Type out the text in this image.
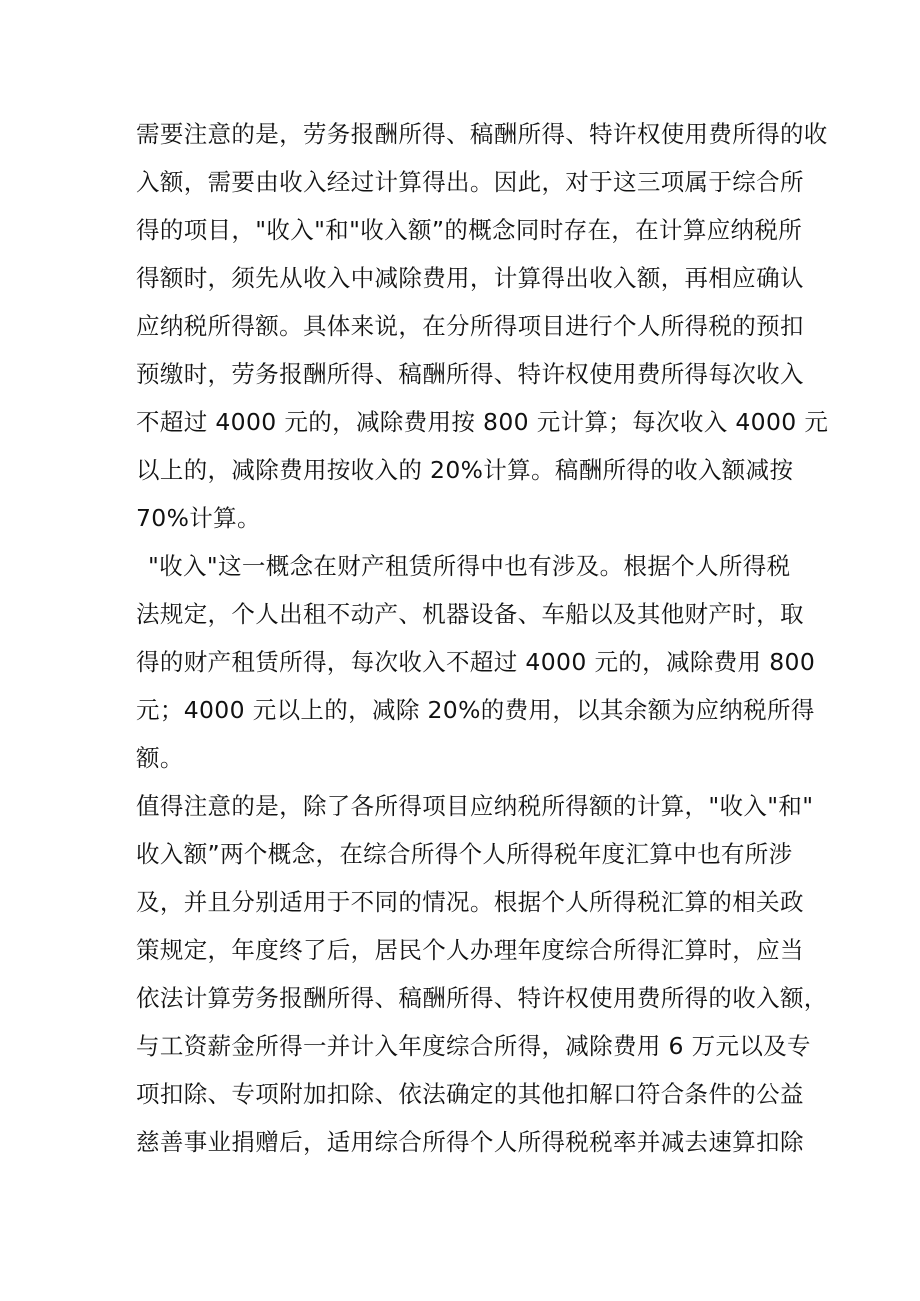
需要注意的是，劳务报酬所得、稿酬所得、特许权使用费所得的收
入额，需要由收入经过计算得出。因此，对于这三项属于综合所
得的项目，"收入"和"收入额”的概念同时存在，在计算应纳税所
得额时，须先从收入中减除费用，计算得出收入额，再相应确认
应纳税所得额。具体来说，在分所得项目进行个人所得税的预扣
预缴时，劳务报酬所得、稿酬所得、特许权使用费所得每次收入
不超过 4000 元的，减除费用按 800 元计算；每次收入 4000 元
以上的，减除费用按收入的 20%计算。稿酬所得的收入额减按
70%计算。
"收入"这一概念在财产租赁所得中也有涉及。根据个人所得税
法规定，个人出租不动产、机器设备、车船以及其他财产时，取
得的财产租赁所得，每次收入不超过 4000 元的，减除费用 800
元；4000 元以上的，减除 20%的费用，以其余额为应纳税所得
额。
值得注意的是，除了各所得项目应纳税所得额的计算，"收入"和"
收入额”两个概念，在综合所得个人所得税年度汇算中也有所涉
及，并且分别适用于不同的情况。根据个人所得税汇算的相关政
策规定，年度终了后，居民个人办理年度综合所得汇算时，应当
依法计算劳务报酬所得、稿酬所得、特许权使用费所得的收入额，
与工资薪金所得一并计入年度综合所得，减除费用 6 万元以及专
项扣除、专项附加扣除、依法确定的其他扣解口符合条件的公益
慈善事业捐赠后，适用综合所得个人所得税税率并减去速算扣除
